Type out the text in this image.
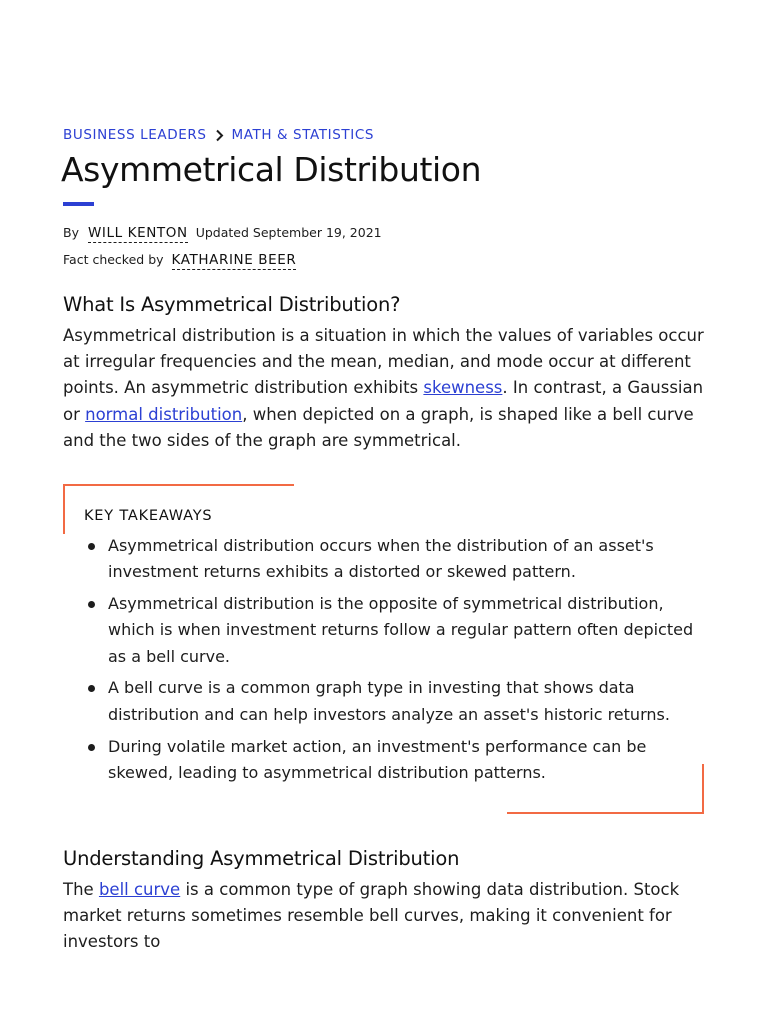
BUSINESS LEADERS MATH & STATISTICS
Asymmetrical Distribution
By WILL KENTON Updated September 19, 2021
Fact checked by KATHARINE BEER
What Is Asymmetrical Distribution?

Asymmetrical distribution is a situation in which the values of variables occur at irregular frequencies and the mean, median, and mode occur at different points. An asymmetric distribution exhibits skewness. In contrast, a Gaussian or normal distribution, when depicted on a graph, is shaped like a bell curve and the two sides of the graph are symmetrical.

KEY TAKEAWAYS
Asymmetrical distribution occurs when the distribution of an asset's investment returns exhibits a distorted or skewed pattern.
Asymmetrical distribution is the opposite of symmetrical distribution, which is when investment returns follow a regular pattern often depicted as a bell curve.
A bell curve is a common graph type in investing that shows data distribution and can help investors analyze an asset's historic returns.
During volatile market action, an investment's performance can be skewed, leading to asymmetrical distribution patterns.
Understanding Asymmetrical Distribution

The bell curve is a common type of graph showing data distribution. Stock market returns sometimes resemble bell curves, making it convenient for investors to
